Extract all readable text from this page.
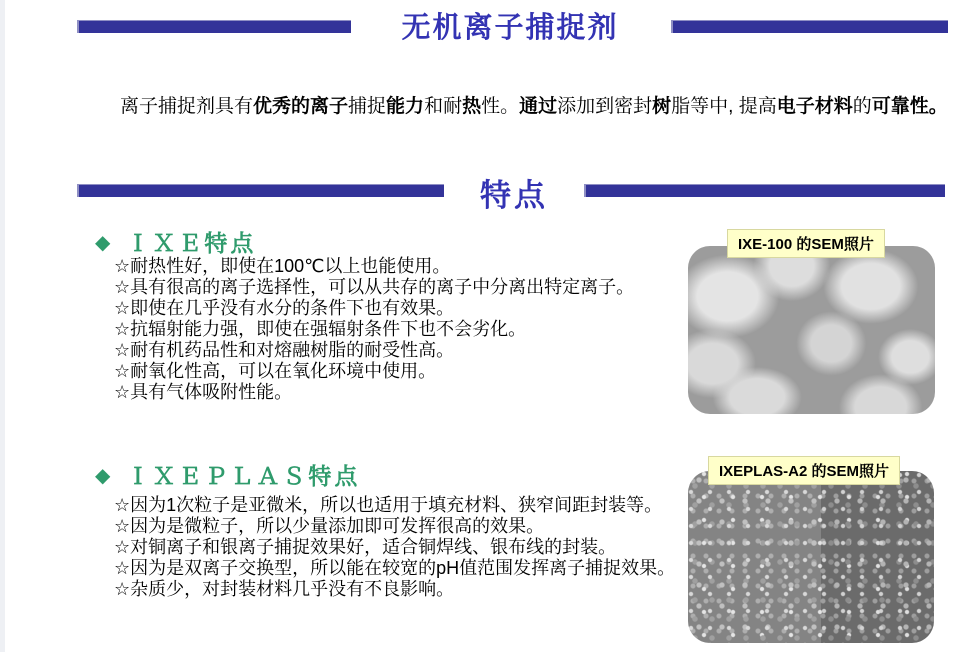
无机离子捕捉剂

离子捕捉剂具有优秀的离子捕捉能力和耐热性。通过添加到密封树脂等中, 提高电子材料的可靠性。

特点
◆ ＩＸＥ特点
☆耐热性好，即使在100℃以上也能使用。
☆具有很高的离子选择性，可以从共存的离子中分离出特定离子。
☆即使在几乎没有水分的条件下也有效果。
☆抗辐射能力强，即使在强辐射条件下也不会劣化。
☆耐有机药品性和对熔融树脂的耐受性高。
☆耐氧化性高，可以在氧化环境中使用。
☆具有气体吸附性能。
IXE-100 的SEM照片
◆ ＩＸＥＰＬＡＳ特点
☆因为1次粒子是亚微米，所以也适用于填充材料、狭窄间距封装等。
☆因为是微粒子，所以少量添加即可发挥很高的效果。
☆对铜离子和银离子捕捉效果好，适合铜焊线、银布线的封装。
☆因为是双离子交换型，所以能在较宽的pH值范围发挥离子捕捉效果。
☆杂质少，对封装材料几乎没有不良影响。
IXEPLAS-A2 的SEM照片
